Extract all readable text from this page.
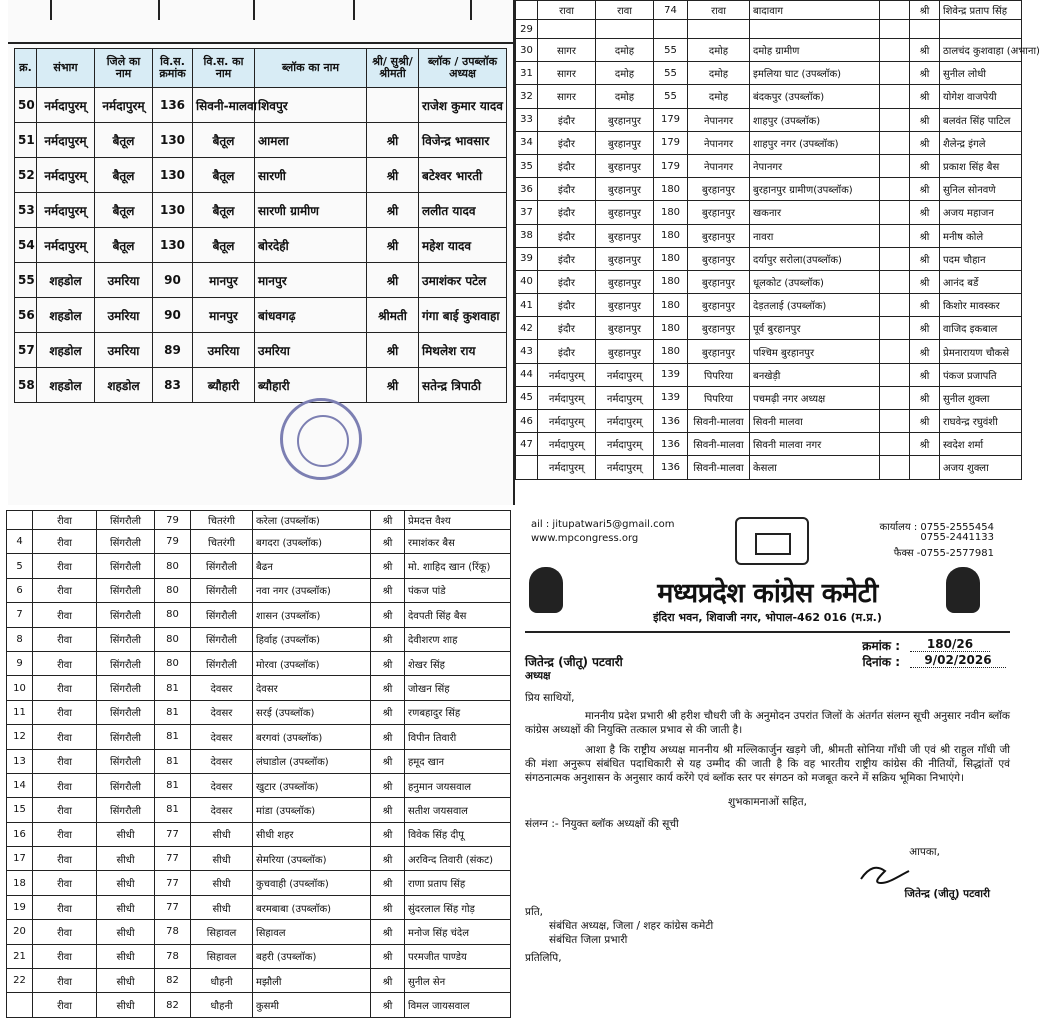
क्र.	संभाग	जिले का नाम	वि.स. क्रमांक	वि.स. का नाम	ब्लॉक का नाम	श्री/ सुश्री/ श्रीमती	ब्लॉक / उपब्लॉक अध्यक्ष
50	नर्मदापुरम्	नर्मदापुरम्	136	सिवनी-मालवा	शिवपुर		राजेश कुमार यादव
51	नर्मदापुरम्	बैतूल	130	बैतूल	आमला	श्री	विजेन्द्र भावसार
52	नर्मदापुरम्	बैतूल	130	बैतूल	सारणी	श्री	बटेश्वर भारती
53	नर्मदापुरम्	बैतूल	130	बैतूल	सारणी ग्रामीण	श्री	ललीत यादव
54	नर्मदापुरम्	बैतूल	130	बैतूल	बोरदेही	श्री	महेश यादव
55	शहडोल	उमरिया	90	मानपुर	मानपुर	श्री	उमाशंकर पटेल
56	शहडोल	उमरिया	90	मानपुर	बांधवगढ़	श्रीमती	गंगा बाई कुशवाहा
57	शहडोल	उमरिया	89	उमरिया	उमरिया	श्री	मिथलेश राय
58	शहडोल	शहडोल	83	ब्यौहारी	ब्यौहारी	श्री	सतेन्द्र त्रिपाठी
	रावा	रावा	74	रावा	बादावाग		श्री	शिवेन्द्र प्रताप सिंह
29								
30	सागर	दमोह	55	दमोह	दमोह ग्रामीण		श्री	ठालचंद कुशवाहा (अभाना)
31	सागर	दमोह	55	दमोह	इमलिया घाट (उपब्लॉक)		श्री	सुनील लोधी
32	सागर	दमोह	55	दमोह	बंदकपुर (उपब्लॉक)		श्री	योगेश वाजपेयी
33	इंदौर	बुरहानपुर	179	नेपानगर	शाहपुर (उपब्लॉक)		श्री	बलवंत सिंह पाटिल
34	इंदौर	बुरहानपुर	179	नेपानगर	शाहपुर नगर (उपब्लॉक)		श्री	शैलेन्द्र इंगले
35	इंदौर	बुरहानपुर	179	नेपानगर	नेपानगर		श्री	प्रकाश सिंह बैस
36	इंदौर	बुरहानपुर	180	बुरहानपुर	बुरहानपुर ग्रामीण(उपब्लॉक)		श्री	सुनिल सोनवणे
37	इंदौर	बुरहानपुर	180	बुरहानपुर	खकनार		श्री	अजय महाजन
38	इंदौर	बुरहानपुर	180	बुरहानपुर	नावरा		श्री	मनीष कोले
39	इंदौर	बुरहानपुर	180	बुरहानपुर	दर्यापुर सरोला(उपब्लॉक)		श्री	पदम चौहान
40	इंदौर	बुरहानपुर	180	बुरहानपुर	धूलकोट (उपब्लॉक)		श्री	आनंद बर्डे
41	इंदौर	बुरहानपुर	180	बुरहानपुर	देड़तलाई (उपब्लॉक)		श्री	किशोर मावस्कर
42	इंदौर	बुरहानपुर	180	बुरहानपुर	पूर्व बुरहानपुर		श्री	वाजिद इकबाल
43	इंदौर	बुरहानपुर	180	बुरहानपुर	पश्चिम बुरहानपुर		श्री	प्रेमनारायण चौकसे
44	नर्मदापुरम्	नर्मदापुरम्	139	पिपरिया	बनखेड़ी		श्री	पंकज प्रजापति
45	नर्मदापुरम्	नर्मदापुरम्	139	पिपरिया	पचमढ़ी नगर अध्यक्ष		श्री	सुनील शुक्ला
46	नर्मदापुरम्	नर्मदापुरम्	136	सिवनी-मालवा	सिवनी मालवा		श्री	राघवेन्द्र रघुवंशी
47	नर्मदापुरम्	नर्मदापुरम्	136	सिवनी-मालवा	सिवनी मालवा नगर		श्री	स्वदेश शर्मा
	नर्मदापुरम्	नर्मदापुरम्	136	सिवनी-मालवा	केसला			अजय शुक्ला
	रीवा	सिंगरौली	79	चितरंगी	करेला (उपब्लॉक)	श्री	प्रेमदत्त वैश्य
4	रीवा	सिंगरौली	79	चितरंगी	बगदरा (उपब्लॉक)	श्री	रमाशंकर बैस
5	रीवा	सिंगरौली	80	सिंगरौली	बैढन	श्री	मो. शाहिद खान (रिंकू)
6	रीवा	सिंगरौली	80	सिंगरौली	नवा नगर (उपब्लॉक)	श्री	पंकज पांडे
7	रीवा	सिंगरौली	80	सिंगरौली	शासन (उपब्लॉक)	श्री	देवपती सिंह बैस
8	रीवा	सिंगरौली	80	सिंगरौली	हिर्वाह (उपब्लॉक)	श्री	देवीशरण शाह
9	रीवा	सिंगरौली	80	सिंगरौली	मोरवा (उपब्लॉक)	श्री	शेखर सिंह
10	रीवा	सिंगरौली	81	देवसर	देवसर	श्री	जोखन सिंह
11	रीवा	सिंगरौली	81	देवसर	सरई (उपब्लॉक)	श्री	रणबहादुर सिंह
12	रीवा	सिंगरौली	81	देवसर	बरगवां (उपब्लॉक)	श्री	विपीन तिवारी
13	रीवा	सिंगरौली	81	देवसर	लंघाडोल (उपब्लॉक)	श्री	हमूद खान
14	रीवा	सिंगरौली	81	देवसर	खुटार (उपब्लॉक)	श्री	हनुमान जयसवाल
15	रीवा	सिंगरौली	81	देवसर	मांडा (उपब्लॉक)	श्री	सतीश जयसवाल
16	रीवा	सीधी	77	सीधी	सीधी शहर	श्री	विवेक सिंह दीपू
17	रीवा	सीधी	77	सीधी	सेमरिया (उपब्लॉक)	श्री	अरविन्द तिवारी (संकट)
18	रीवा	सीधी	77	सीधी	कुचवाही (उपब्लॉक)	श्री	राणा प्रताप सिंह
19	रीवा	सीधी	77	सीधी	बरमबाबा (उपब्लॉक)	श्री	सुंदरलाल सिंह गोड़
20	रीवा	सीधी	78	सिहावल	सिहावल	श्री	मनोज सिंह चंदेल
21	रीवा	सीधी	78	सिहावल	बहरी (उपब्लॉक)	श्री	परमजीत पाण्डेय
22	रीवा	सीधी	82	धौहनी	मझौली	श्री	सुनील सेन
	रीवा	सीधी	82	धौहनी	कुसमी	श्री	विमल जायसवाल
ail : jitupatwari5@gmail.com
www.mpcongress.org
कार्यालय : 0755-2555454
0755-2441133
फैक्स -0755-2577981
मध्यप्रदेश कांग्रेस कमेटी
इंदिरा भवन, शिवाजी नगर, भोपाल-462 016 (म.प्र.)
क्रमांक :	180/26
जितेन्द्र (जीतू) पटवारी	दिनांक :	9/02/2026
अध्यक्ष
प्रिय साथियों,
माननीय प्रदेश प्रभारी श्री हरीश चौधरी जी के अनुमोदन उपरांत जिलों के अंतर्गत संलग्न सूची अनुसार नवीन ब्लॉक कांग्रेस अध्यक्षों की नियुक्ति तत्काल प्रभाव से की जाती है।
आशा है कि राष्ट्रीय अध्यक्ष माननीय श्री मल्लिकार्जुन खड़गे जी, श्रीमती सोनिया गाँधी जी एवं श्री राहुल गाँधी जी की मंशा अनुरूप संबंधित पदाधिकारी से यह उम्मीद की जाती है कि वह भारतीय राष्ट्रीय कांग्रेस की नीतियों, सिद्धांतों एवं संगठनात्मक अनुशासन के अनुसार कार्य करेंगे एवं ब्लॉक स्तर पर संगठन को मजबूत करने में सक्रिय भूमिका निभाएंगे।
शुभकामनाओं सहित,
संलग्न :- नियुक्त ब्लॉक अध्यक्षों की सूची
आपका,
जितेन्द्र (जीतू) पटवारी
प्रति,
संबंधित अध्यक्ष, जिला / शहर कांग्रेस कमेटी
संबंधित जिला प्रभारी
प्रतिलिपि,
